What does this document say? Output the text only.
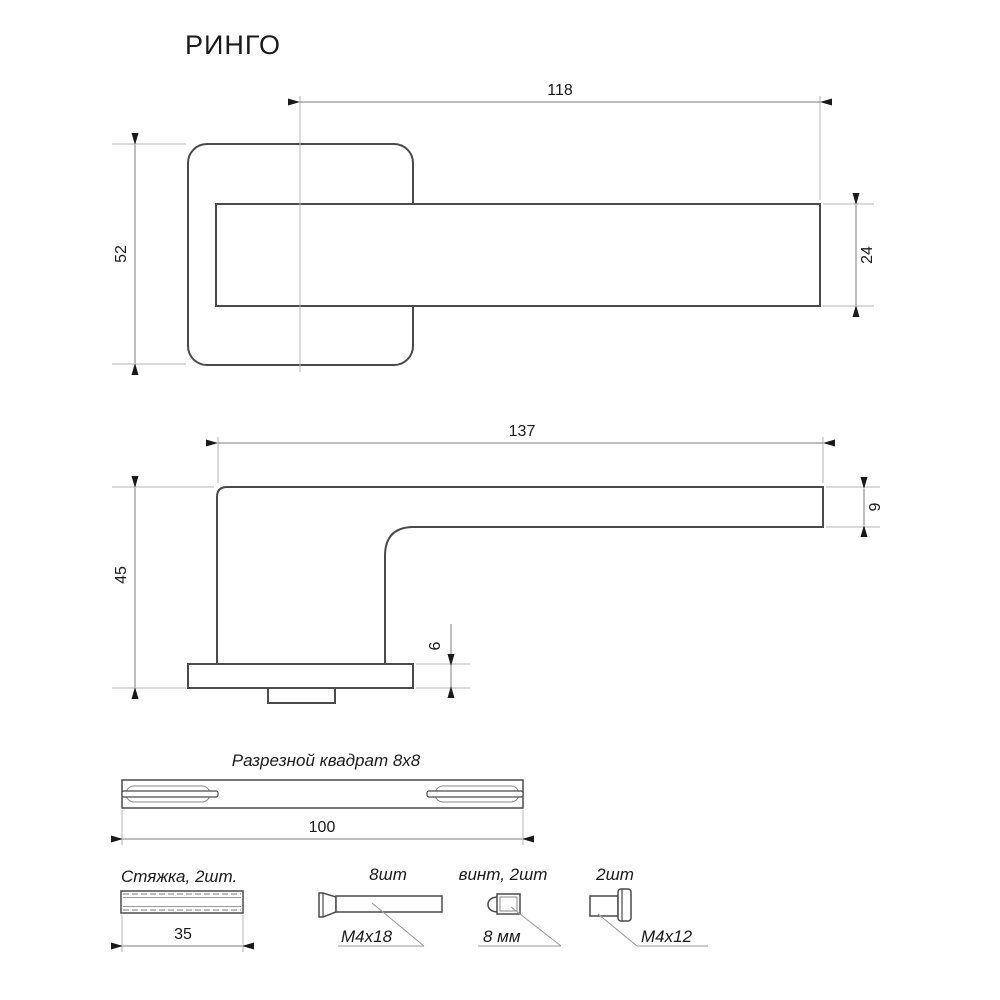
РИНГО
118
52	24
137
45
9
6
Разрезной квадрат 8х8
100
Стяжка, 2шт.
35
8шт
М4х18
винт, 2шт
8 мм
2шт
М4х12
